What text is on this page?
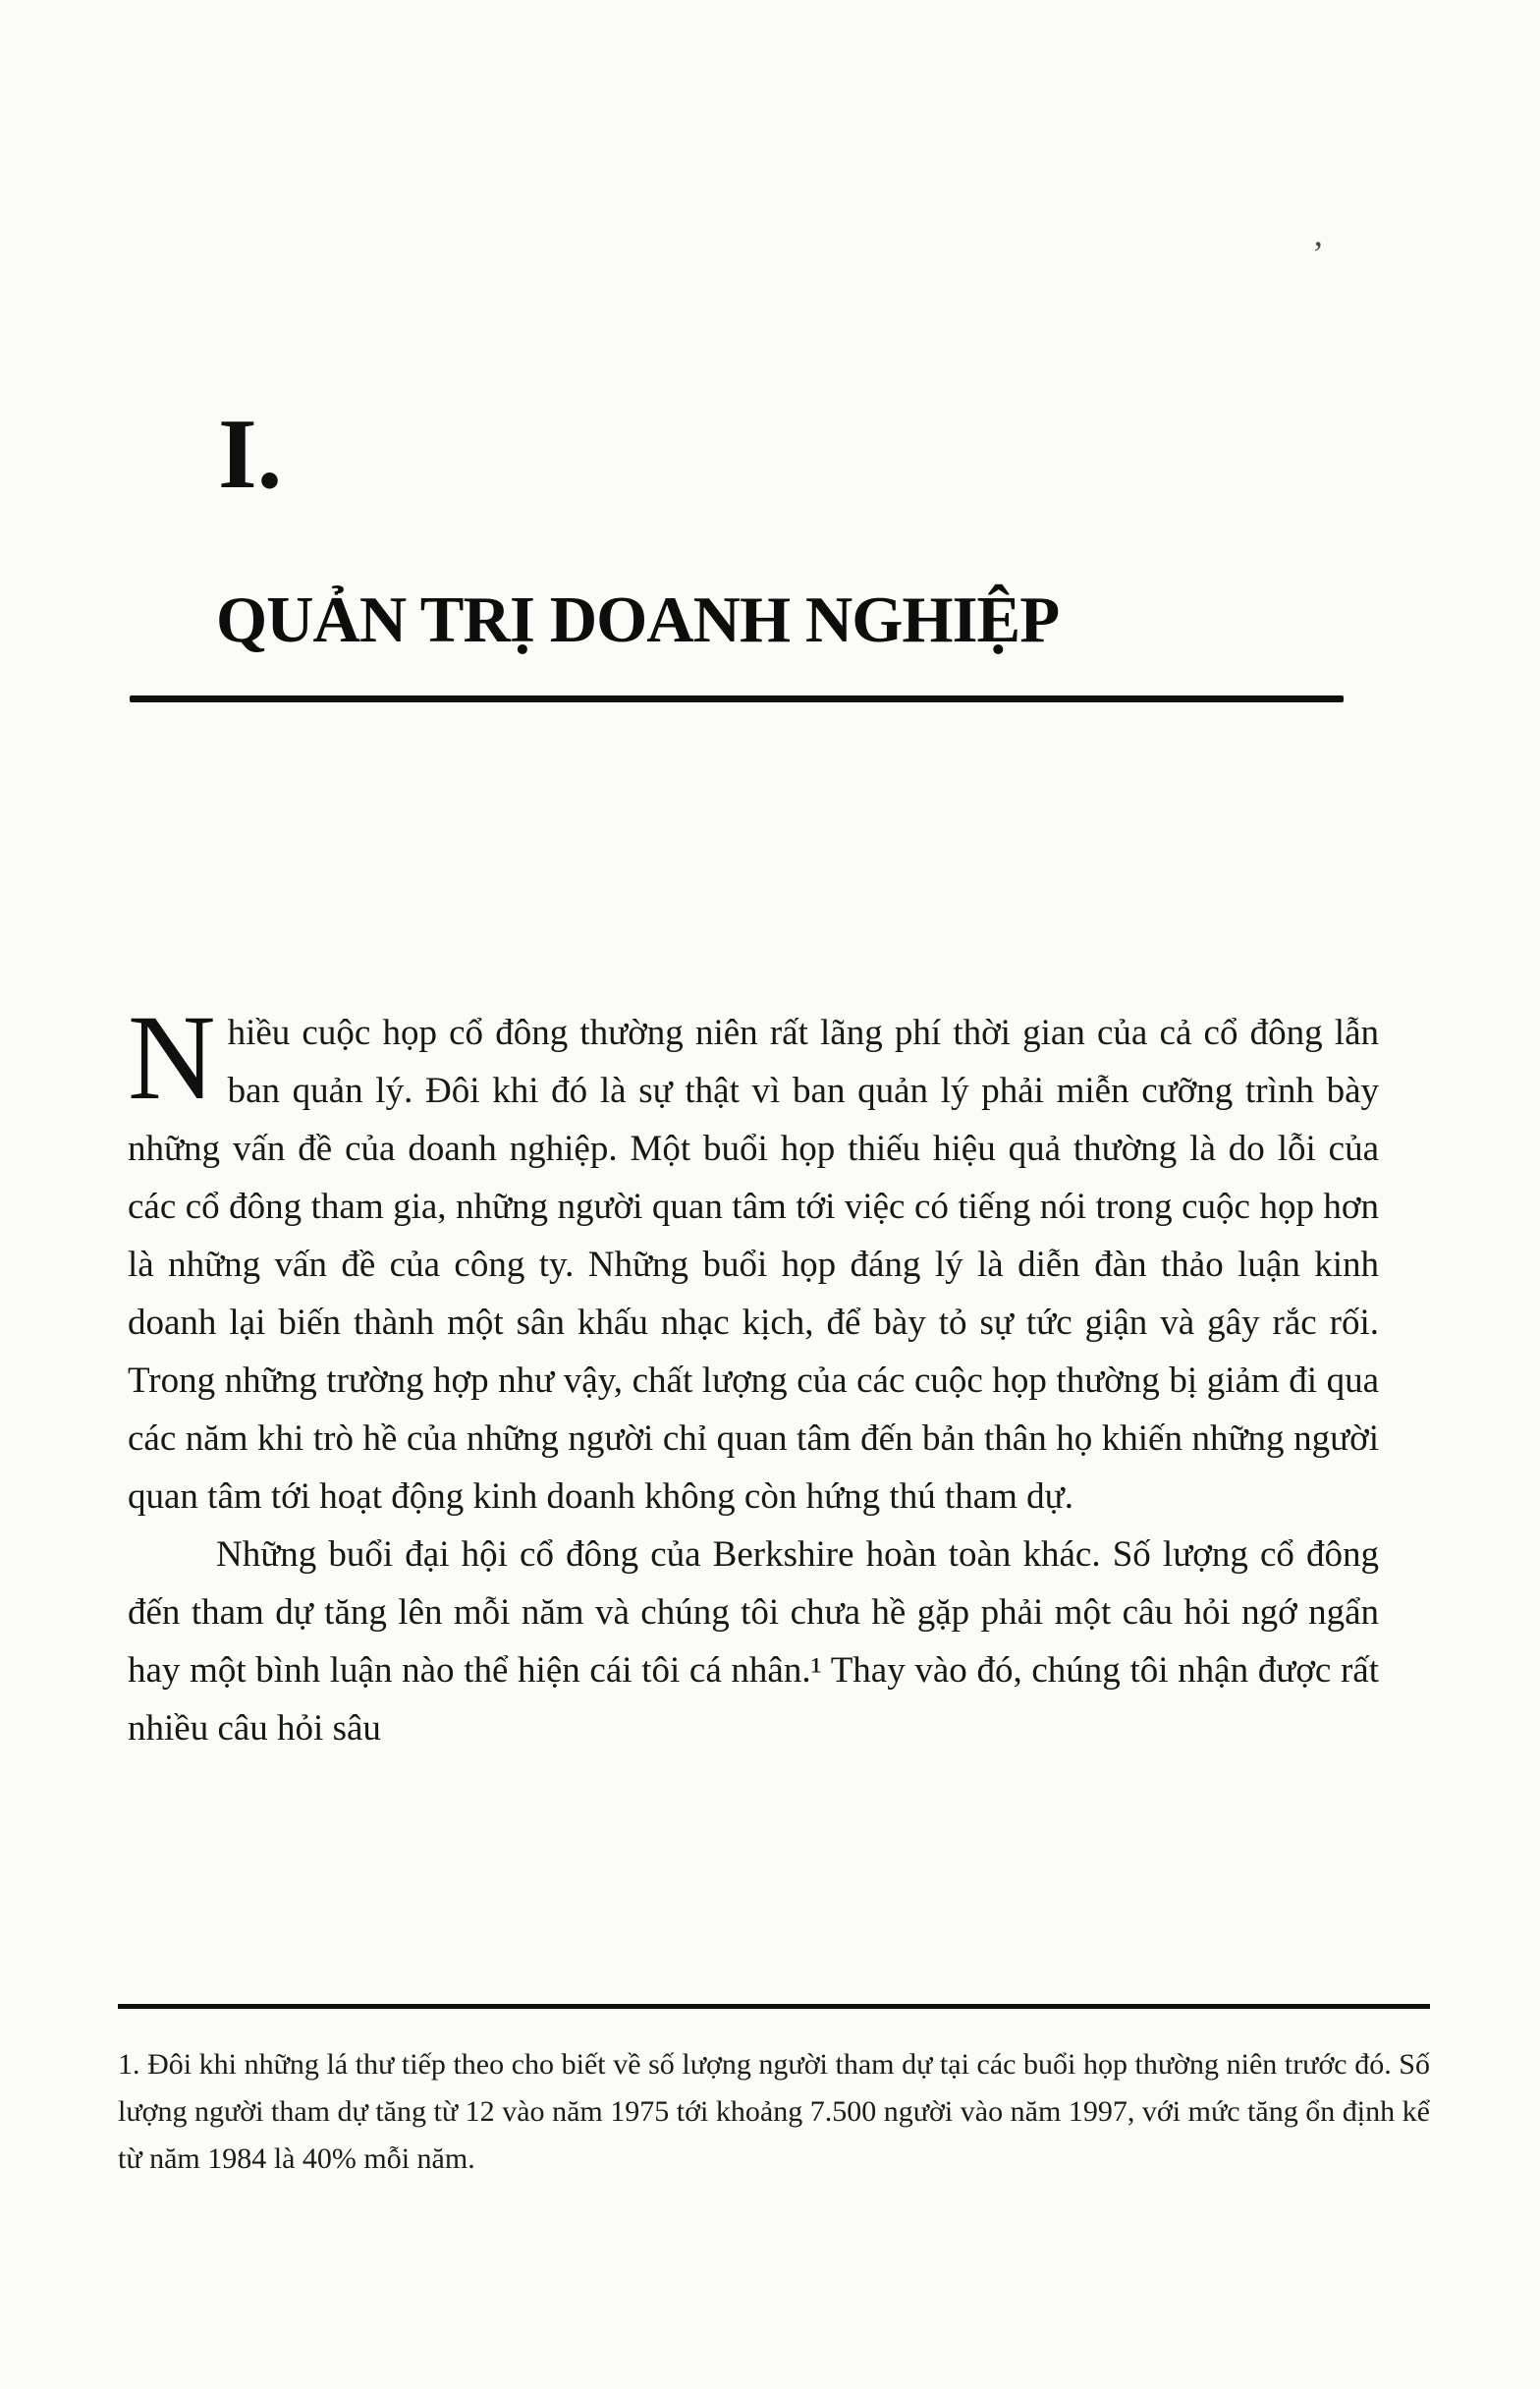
’
I.
QUẢN TRỊ DOANH NGHIỆP

Nhiều cuộc họp cổ đông thường niên rất lãng phí thời gian của cả cổ đông lẫn ban quản lý. Đôi khi đó là sự thật vì ban quản lý phải miễn cưỡng trình bày những vấn đề của doanh nghiệp. Một buổi họp thiếu hiệu quả thường là do lỗi của các cổ đông tham gia, những người quan tâm tới việc có tiếng nói trong cuộc họp hơn là những vấn đề của công ty. Những buổi họp đáng lý là diễn đàn thảo luận kinh doanh lại biến thành một sân khấu nhạc kịch, để bày tỏ sự tức giận và gây rắc rối. Trong những trường hợp như vậy, chất lượng của các cuộc họp thường bị giảm đi qua các năm khi trò hề của những người chỉ quan tâm đến bản thân họ khiến những người quan tâm tới hoạt động kinh doanh không còn hứng thú tham dự.

Những buổi đại hội cổ đông của Berkshire hoàn toàn khác. Số lượng cổ đông đến tham dự tăng lên mỗi năm và chúng tôi chưa hề gặp phải một câu hỏi ngớ ngẩn hay một bình luận nào thể hiện cái tôi cá nhân.¹ Thay vào đó, chúng tôi nhận được rất nhiều câu hỏi sâu

1. Đôi khi những lá thư tiếp theo cho biết về số lượng người tham dự tại các buổi họp thường niên trước đó. Số lượng người tham dự tăng từ 12 vào năm 1975 tới khoảng 7.500 người vào năm 1997, với mức tăng ổn định kể từ năm 1984 là 40% mỗi năm.
